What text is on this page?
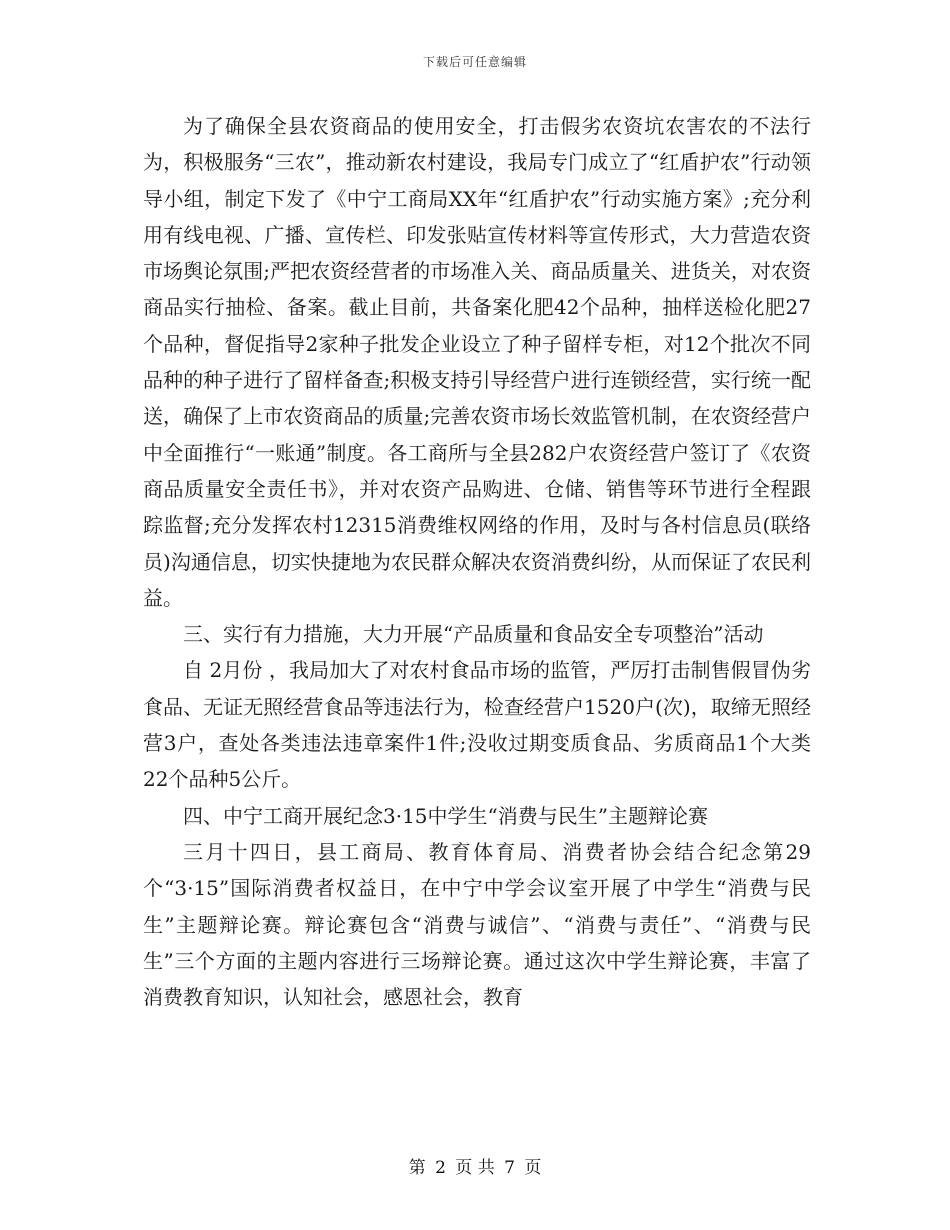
下载后可任意编辑

为了确保全县农资商品的使用安全，打击假劣农资坑农害农的不法行为，积极服务“三农”，推动新农村建设，我局专门成立了“红盾护农”行动领导小组，制定下发了《中宁工商局XX年“红盾护农”行动实施方案》;充分利用有线电视、广播、宣传栏、印发张贴宣传材料等宣传形式，大力营造农资市场舆论氛围;严把农资经营者的市场准入关、商品质量关、进货关，对农资商品实行抽检、备案。截止目前，共备案化肥42个品种，抽样送检化肥27个品种，督促指导2家种子批发企业设立了种子留样专柜，对12个批次不同品种的种子进行了留样备查;积极支持引导经营户进行连锁经营，实行统一配送，确保了上市农资商品的质量;完善农资市场长效监管机制，在农资经营户中全面推行“一账通”制度。各工商所与全县282户农资经营户签订了《农资商品质量安全责任书》，并对农资产品购进、仓储、销售等环节进行全程跟踪监督;充分发挥农村12315消费维权网络的作用，及时与各村信息员(联络员)沟通信息，切实快捷地为农民群众解决农资消费纠纷，从而保证了农民利益。

三、实行有力措施，大力开展“产品质量和食品安全专项整治”活动

自 2月份 ，我局加大了对农村食品市场的监管，严厉打击制售假冒伪劣食品、无证无照经营食品等违法行为，检查经营户1520户(次)，取缔无照经营3户，查处各类违法违章案件1件;没收过期变质食品、劣质商品1个大类22个品种5公斤。

四、中宁工商开展纪念3·15中学生“消费与民生”主题辩论赛

三月十四日，县工商局、教育体育局、消费者协会结合纪念第29个“3·15”国际消费者权益日，在中宁中学会议室开展了中学生“消费与民生”主题辩论赛。辩论赛包含“消费与诚信”、“消费与责任”、“消费与民生”三个方面的主题内容进行三场辩论赛。通过这次中学生辩论赛，丰富了消费教育知识，认知社会，感恩社会，教育

第 2 页 共 7 页
